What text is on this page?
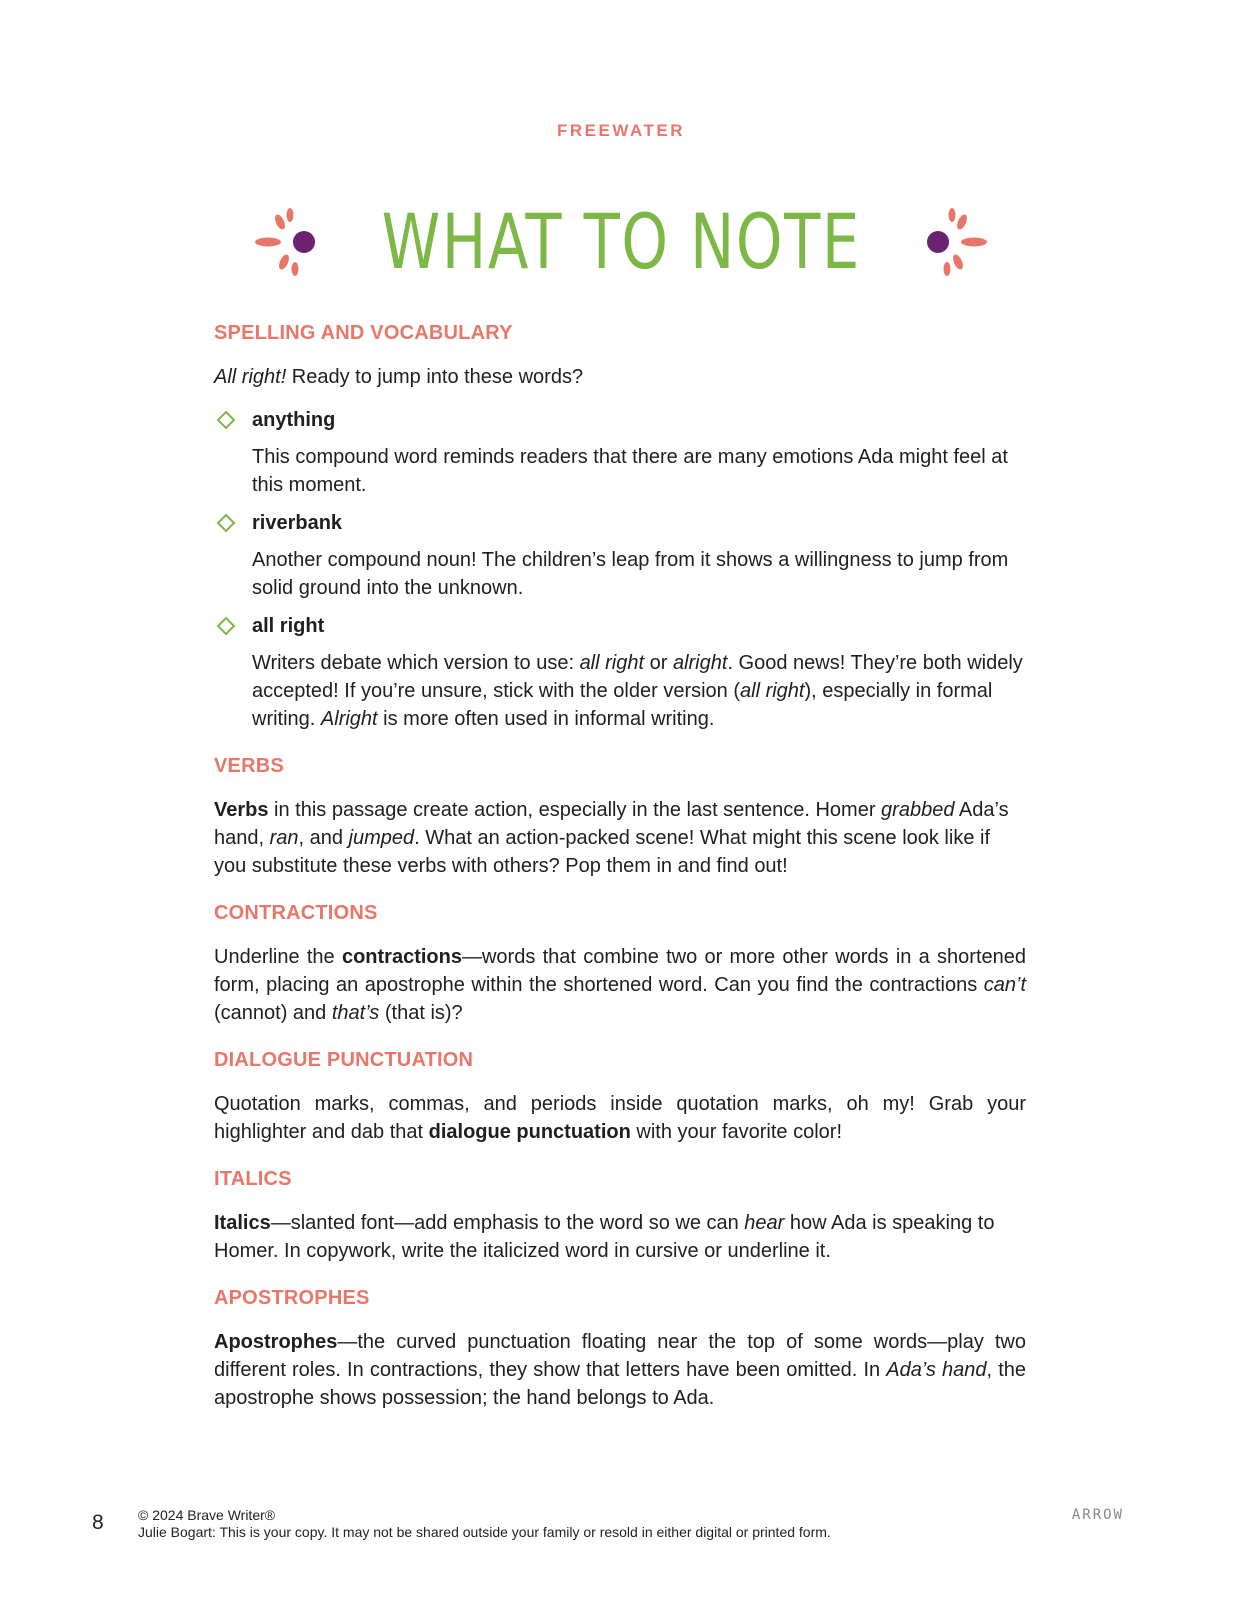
FREEWATER
WHAT TO NOTE
SPELLING AND VOCABULARY

All right! Ready to jump into these words?

anything

This compound word reminds readers that there are many emotions Ada might feel at this moment.

riverbank

Another compound noun! The children’s leap from it shows a willingness to jump from solid ground into the unknown.

all right

Writers debate which version to use: all right or alright. Good news! They’re both widely accepted! If you’re unsure, stick with the older version (all right), especially in formal writing. Alright is more often used in informal writing.

VERBS

Verbs in this passage create action, especially in the last sentence. Homer grabbed Ada’s hand, ran, and jumped. What an action-packed scene! What might this scene look like if you substitute these verbs with others? Pop them in and find out!

CONTRACTIONS

Underline the contractions—words that combine two or more other words in a shortened form, placing an apostrophe within the shortened word. Can you find the contractions can’t (cannot) and that’s (that is)?

DIALOGUE PUNCTUATION

Quotation marks, commas, and periods inside quotation marks, oh my! Grab your highlighter and dab that dialogue punctuation with your favorite color!

ITALICS

Italics—slanted font—add emphasis to the word so we can hear how Ada is speaking to Homer. In copywork, write the italicized word in cursive or underline it.

APOSTROPHES

Apostrophes—the curved punctuation floating near the top of some words—play two different roles. In contractions, they show that letters have been omitted. In Ada’s hand, the apostrophe shows possession; the hand belongs to Ada.

8 © 2024 Brave Writer®
Julie Bogart: This is your copy. It may not be shared outside your family or resold in either digital or printed form.
ARROW
